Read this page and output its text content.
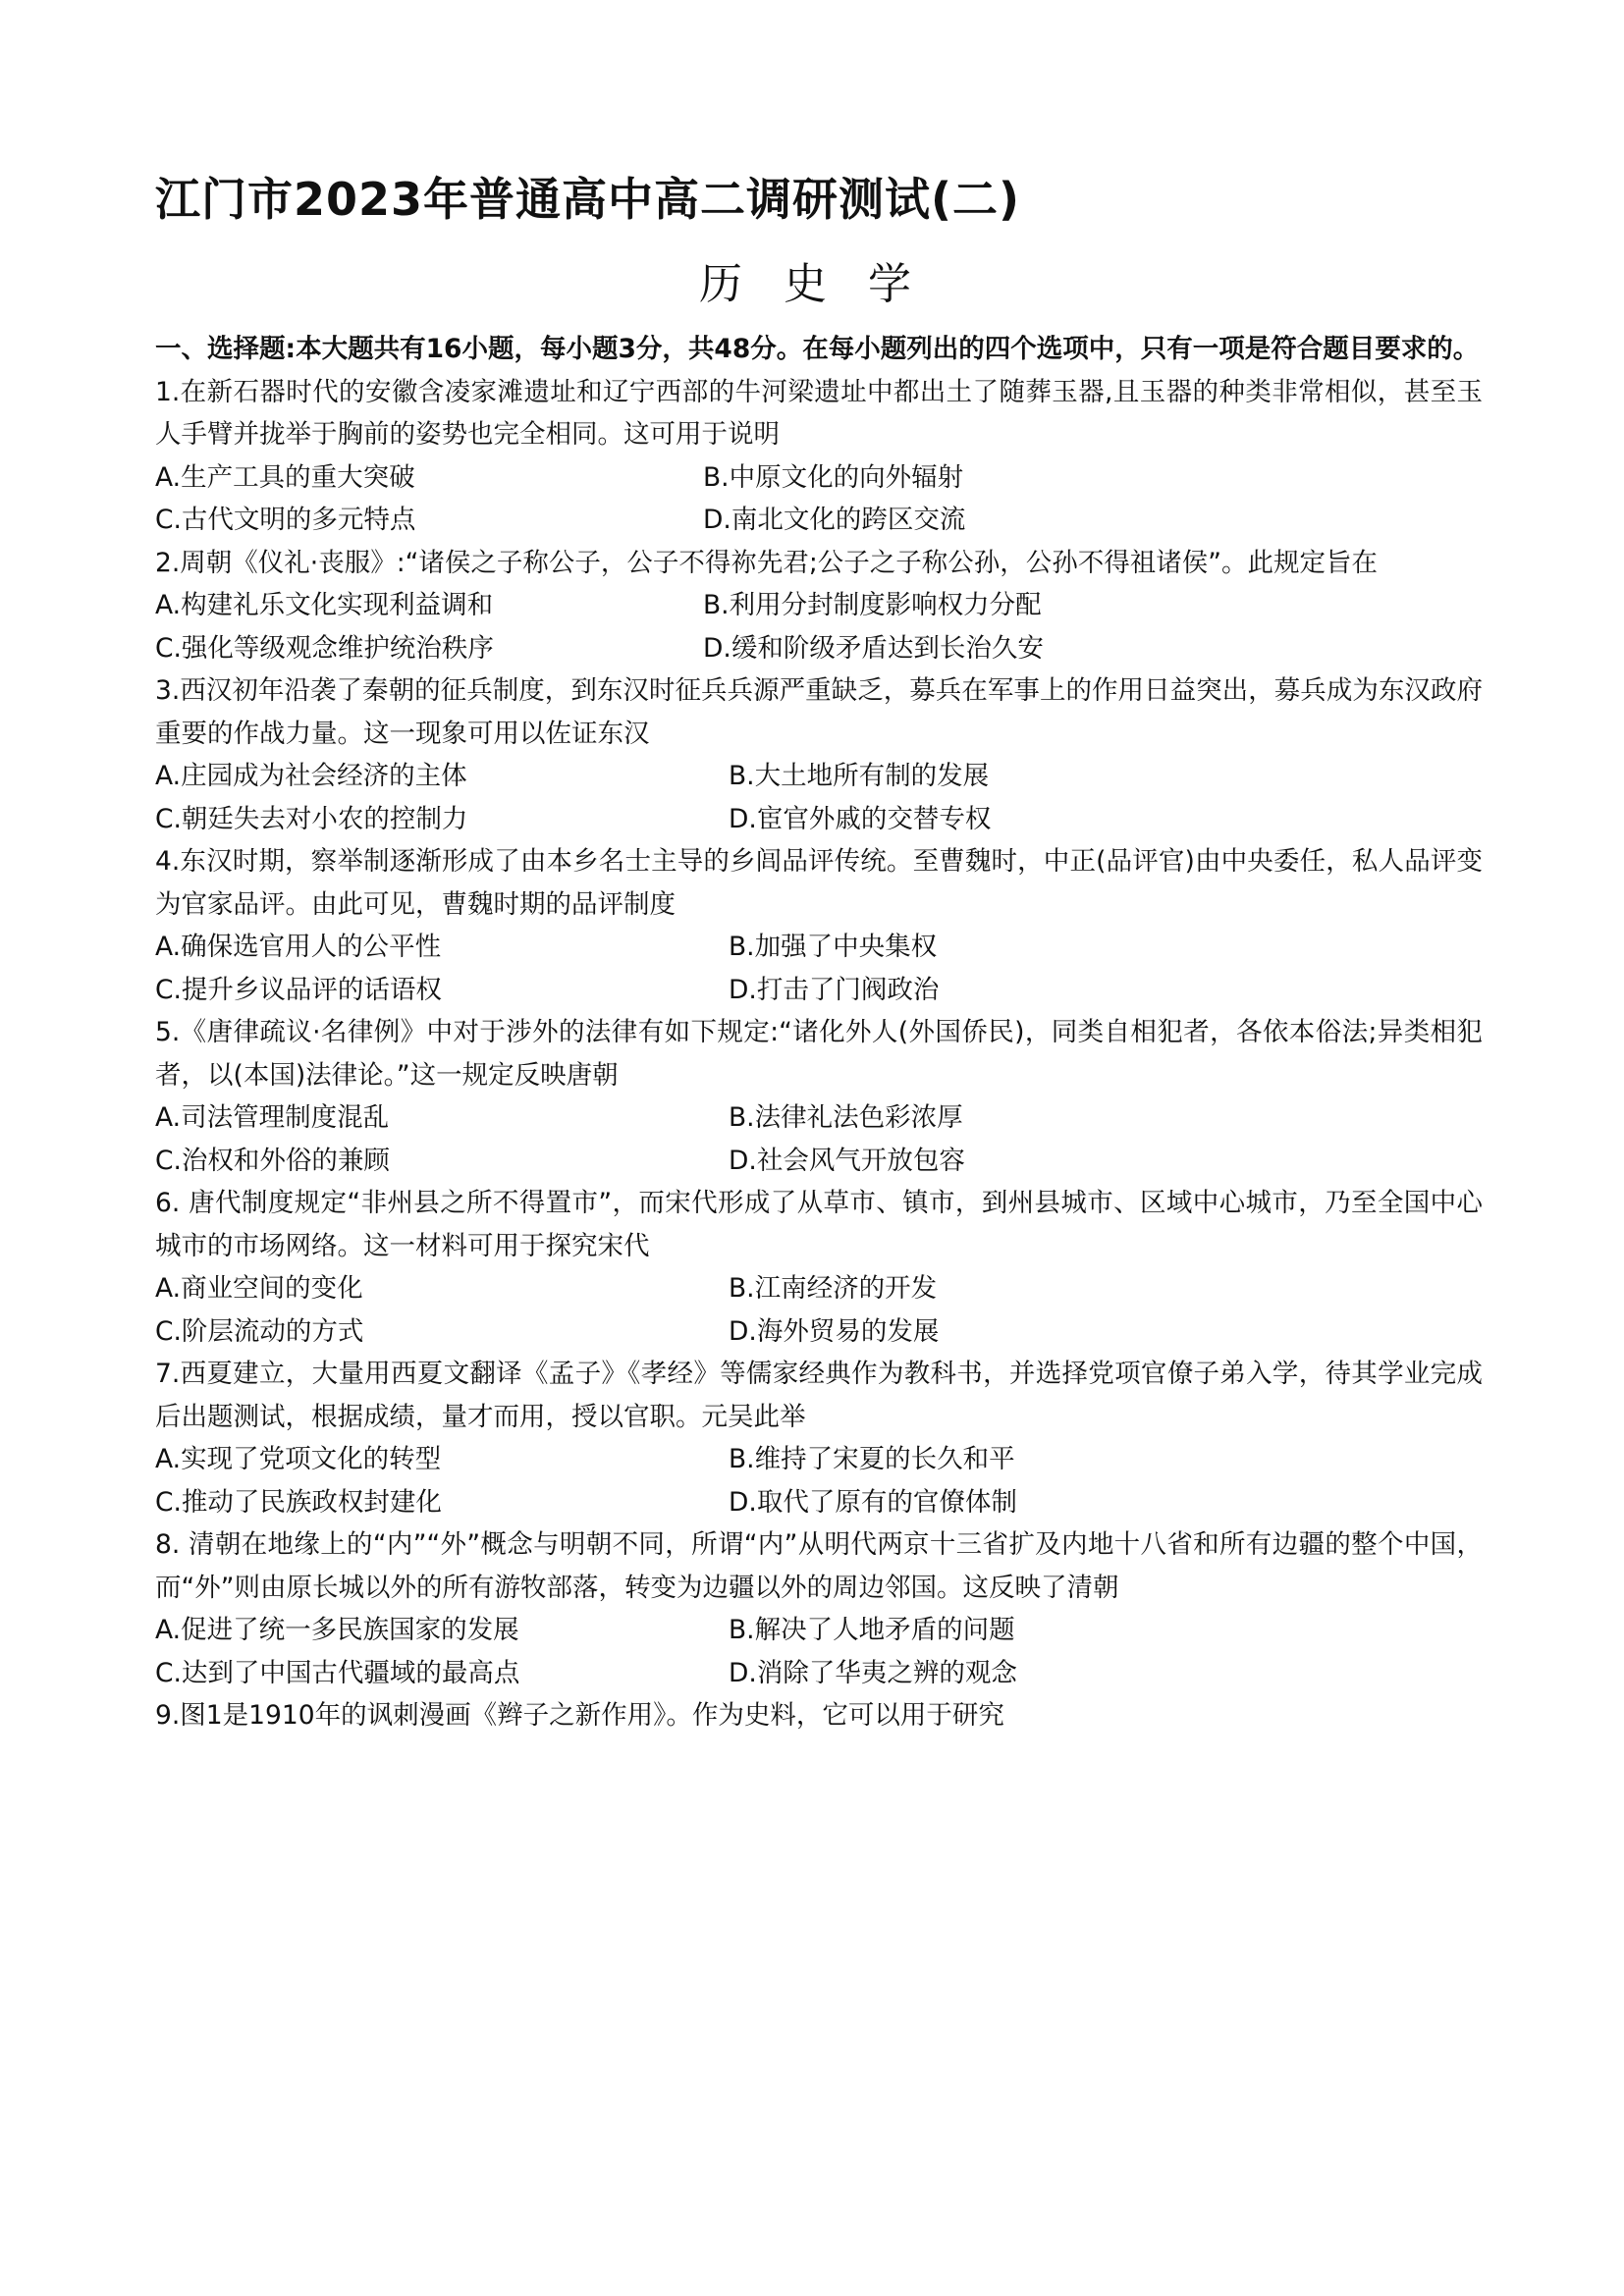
江门市2023年普通高中高二调研测试(二)
历 史 学
一、选择题:本大题共有16小题，每小题3分，共48分。在每小题列出的四个选项中，只有一项是符合题目要求的。
1.在新石器时代的安徽含凌家滩遗址和辽宁西部的牛河梁遗址中都出土了随葬玉器,且玉器的种类非常相似，甚至玉人手臂并拢举于胸前的姿势也完全相同。这可用于说明
A.生产工具的重大突破	B.中原文化的向外辐射
C.古代文明的多元特点	D.南北文化的跨区交流
2.周朝《仪礼·丧服》:“诸侯之子称公子，公子不得祢先君;公子之子称公孙，公孙不得祖诸侯”。此规定旨在
A.构建礼乐文化实现利益调和	B.利用分封制度影响权力分配
C.强化等级观念维护统治秩序	D.缓和阶级矛盾达到长治久安
3.西汉初年沿袭了秦朝的征兵制度，到东汉时征兵兵源严重缺乏，募兵在军事上的作用日益突出，募兵成为东汉政府重要的作战力量。这一现象可用以佐证东汉
A.庄园成为社会经济的主体	B.大土地所有制的发展
C.朝廷失去对小农的控制力	D.宦官外戚的交替专权
4.东汉时期，察举制逐渐形成了由本乡名士主导的乡闾品评传统。至曹魏时，中正(品评官)由中央委任，私人品评变为官家品评。由此可见，曹魏时期的品评制度
A.确保选官用人的公平性	B.加强了中央集权
C.提升乡议品评的话语权	D.打击了门阀政治
5.《唐律疏议·名律例》中对于涉外的法律有如下规定:“诸化外人(外国侨民)，同类自相犯者，各依本俗法;异类相犯者，以(本国)法律论。”这一规定反映唐朝
A.司法管理制度混乱	B.法律礼法色彩浓厚
C.治权和外俗的兼顾	D.社会风气开放包容
6. 唐代制度规定“非州县之所不得置市”，而宋代形成了从草市、镇市，到州县城市、区域中心城市，乃至全国中心城市的市场网络。这一材料可用于探究宋代
A.商业空间的变化	B.江南经济的开发
C.阶层流动的方式	D.海外贸易的发展
7.西夏建立，大量用西夏文翻译《孟子》《孝经》等儒家经典作为教科书，并选择党项官僚子弟入学，待其学业完成后出题测试，根据成绩，量才而用，授以官职。元吴此举
A.实现了党项文化的转型	B.维持了宋夏的长久和平
C.推动了民族政权封建化	D.取代了原有的官僚体制
8. 清朝在地缘上的“内”“外”概念与明朝不同，所谓“内”从明代两京十三省扩及内地十八省和所有边疆的整个中国，而“外”则由原长城以外的所有游牧部落，转变为边疆以外的周边邻国。这反映了清朝
A.促进了统一多民族国家的发展	B.解决了人地矛盾的问题
C.达到了中国古代疆域的最高点	D.消除了华夷之辨的观念
9.图1是1910年的讽刺漫画《辫子之新作用》。作为史料，它可以用于研究
